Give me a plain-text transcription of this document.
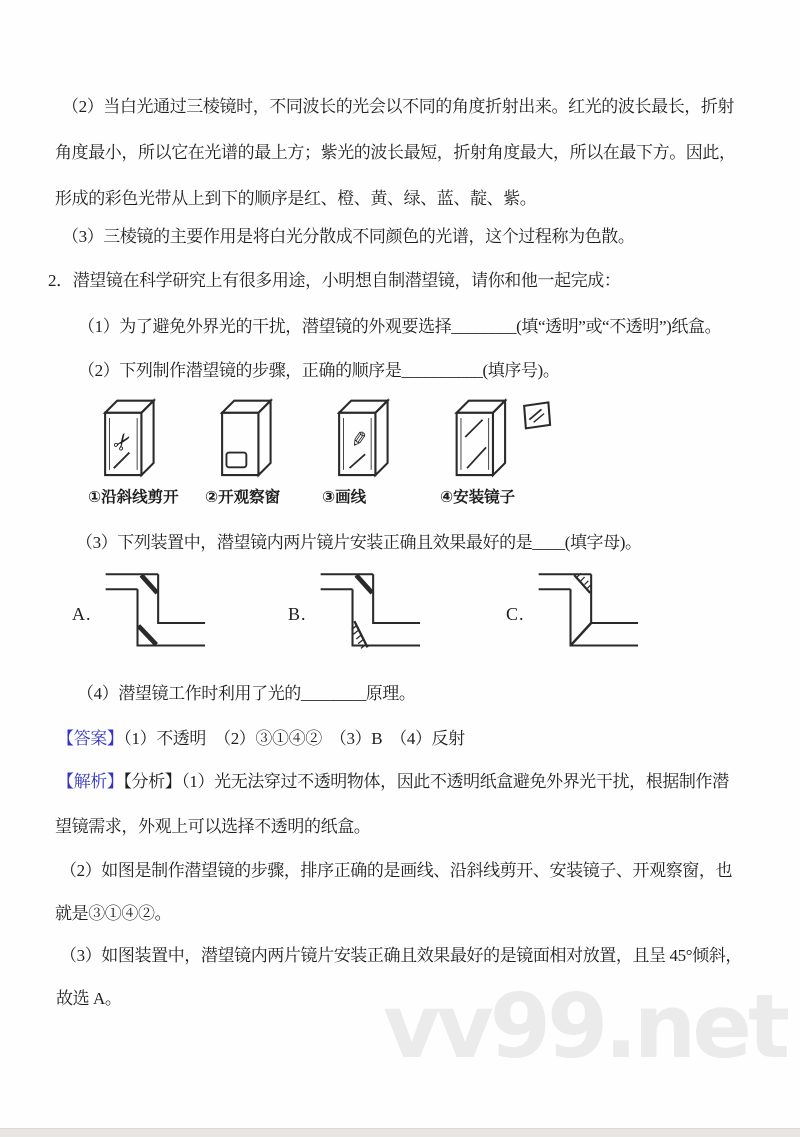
（2）当白光通过三棱镜时，不同波长的光会以不同的角度折射出来。红光的波长最长，折射
角度最小，所以它在光谱的最上方；紫光的波长最短，折射角度最大，所以在最下方。因此，
形成的彩色光带从上到下的顺序是红、橙、黄、绿、蓝、靛、紫。
（3）三棱镜的主要作用是将白光分散成不同颜色的光谱，这个过程称为色散。
2．潜望镜在科学研究上有很多用途，小明想自制潜望镜，请你和他一起完成：
（1）为了避免外界光的干扰，潜望镜的外观要选择________(填“透明”或“不透明”)纸盒。
（2）下列制作潜望镜的步骤，正确的顺序是__________(填序号)。
✂
①沿斜线剪开	②开观察窗
✏
③画线	④安装镜子
（3）下列装置中，潜望镜内两片镜片安装正确且效果最好的是____(填字母)。
A.	B.	C.
（4）潜望镜工作时利用了光的________原理。
【答案】（1）不透明　（2）③①④②　（3）B　（4）反射
【解析】【分析】（1）光无法穿过不透明物体，因此不透明纸盒避免外界光干扰，根据制作潜
望镜需求，外观上可以选择不透明的纸盒。
（2）如图是制作潜望镜的步骤，排序正确的是画线、沿斜线剪开、安装镜子、开观察窗，也
就是③①④②。
（3）如图装置中，潜望镜内两片镜片安装正确且效果最好的是镜面相对放置，且呈 45°倾斜，
故选 A。	vv99.net
